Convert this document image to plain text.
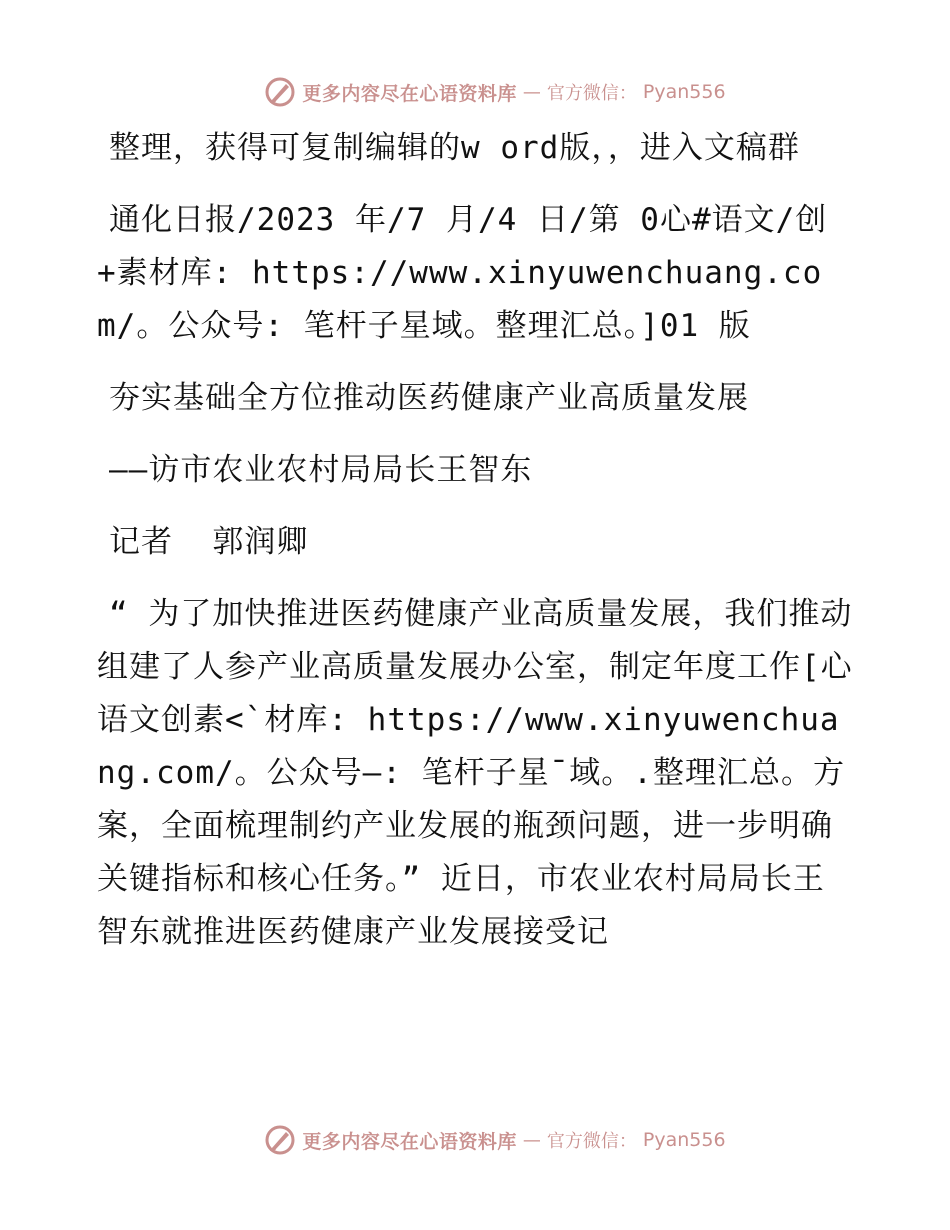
更多内容尽在心语资料库 — 官方微信： Pyan556

整理，获得可复制编辑的w ord版，，进入文稿群

通化日报/2023 年/7 月/4 日/第 0心#语文/创+素材库: https://www.xinyuwenchuang.com/。公众号: 笔杆子星域。整理汇总。]01 版

夯实基础全方位推动医药健康产业高质量发展

——访市农业农村局局长王智东

记者  郭润卿

“ 为了加快推进医药健康产业高质量发展，我们推动组建了人参产业高质量发展办公室，制定年度工作[心语文创素<`材库: https://www.xinyuwenchuang.com/。公众号—: 笔杆子星¯域。.整理汇总。方案，全面梳理制约产业发展的瓶颈问题，进一步明确关键指标和核心任务。” 近日，市农业农村局局长王智东就推进医药健康产业发展接受记

更多内容尽在心语资料库 — 官方微信： Pyan556
